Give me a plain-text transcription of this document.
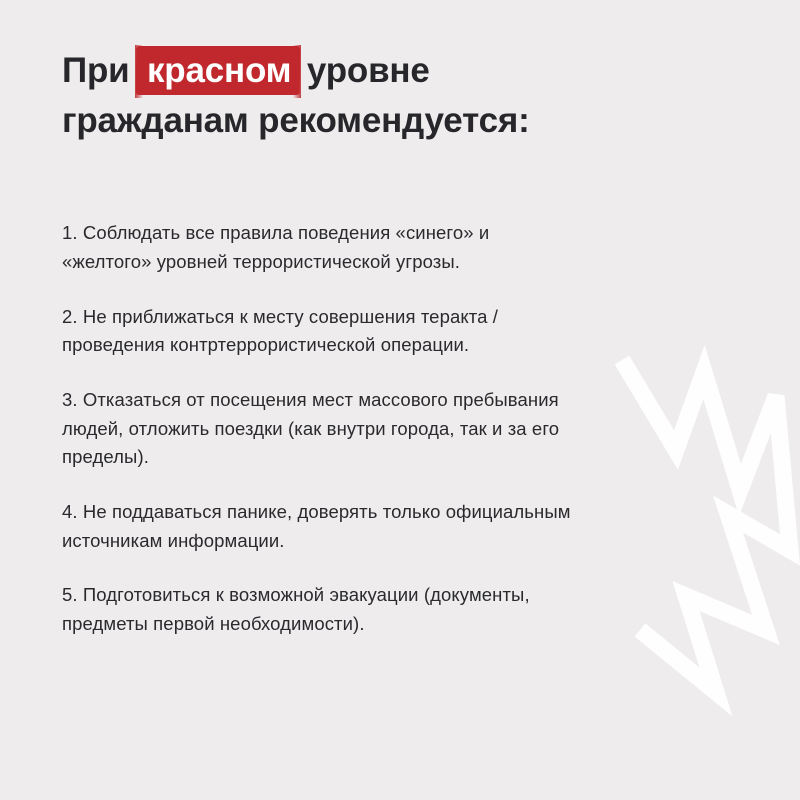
При красном уровне
гражданам рекомендуется:
1. Соблюдать все правила поведения «синего» и «желтого» уровней террористической угрозы.
2. Не приближаться к месту совершения теракта / проведения контртеррористической операции.
3. Отказаться от посещения мест массового пребывания людей, отложить поездки (как внутри города, так и за его пределы).
4. Не поддаваться панике, доверять только официальным источникам информации.
5. Подготовиться к возможной эвакуации (документы, предметы первой необходимости).
